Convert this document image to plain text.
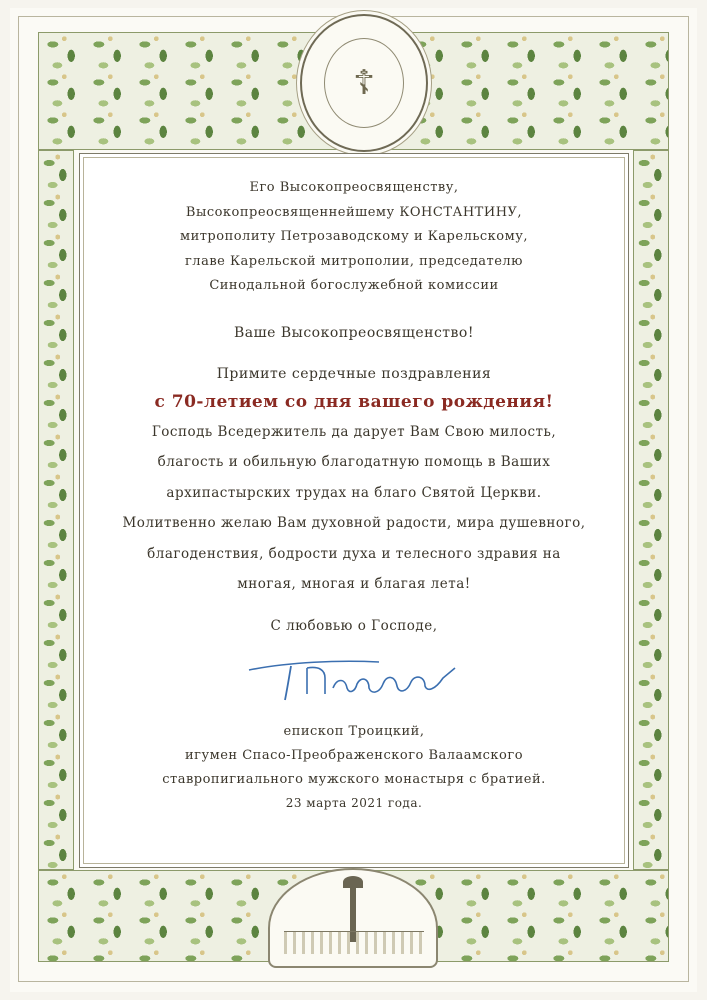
☦
Его Высокопреосвященству,
Высокопреосвященнейшему КОНСТАНТИНУ,
митрополиту Петрозаводскому и Карельскому,
главе Карельской митрополии, председателю
Синодальной богослужебной комиссии
Ваше Высокопреосвященство!
Примите сердечные поздравления
с 70-летием со дня вашего рождения!
Господь Вседержитель да дарует Вам Свою милость,
благость и обильную благодатную помощь в Ваших
архипастырских трудах на благо Святой Церкви.
Молитвенно желаю Вам духовной радости, мира душевного,
благоденствия, бодрости духа и телесного здравия на
многая, многая и благая лета!
С любовью о Господе,
епископ Троицкий,
игумен Спасо-Преображенского Валаамского
ставропигиального мужского монастыря с братией.
23 марта 2021 года.
